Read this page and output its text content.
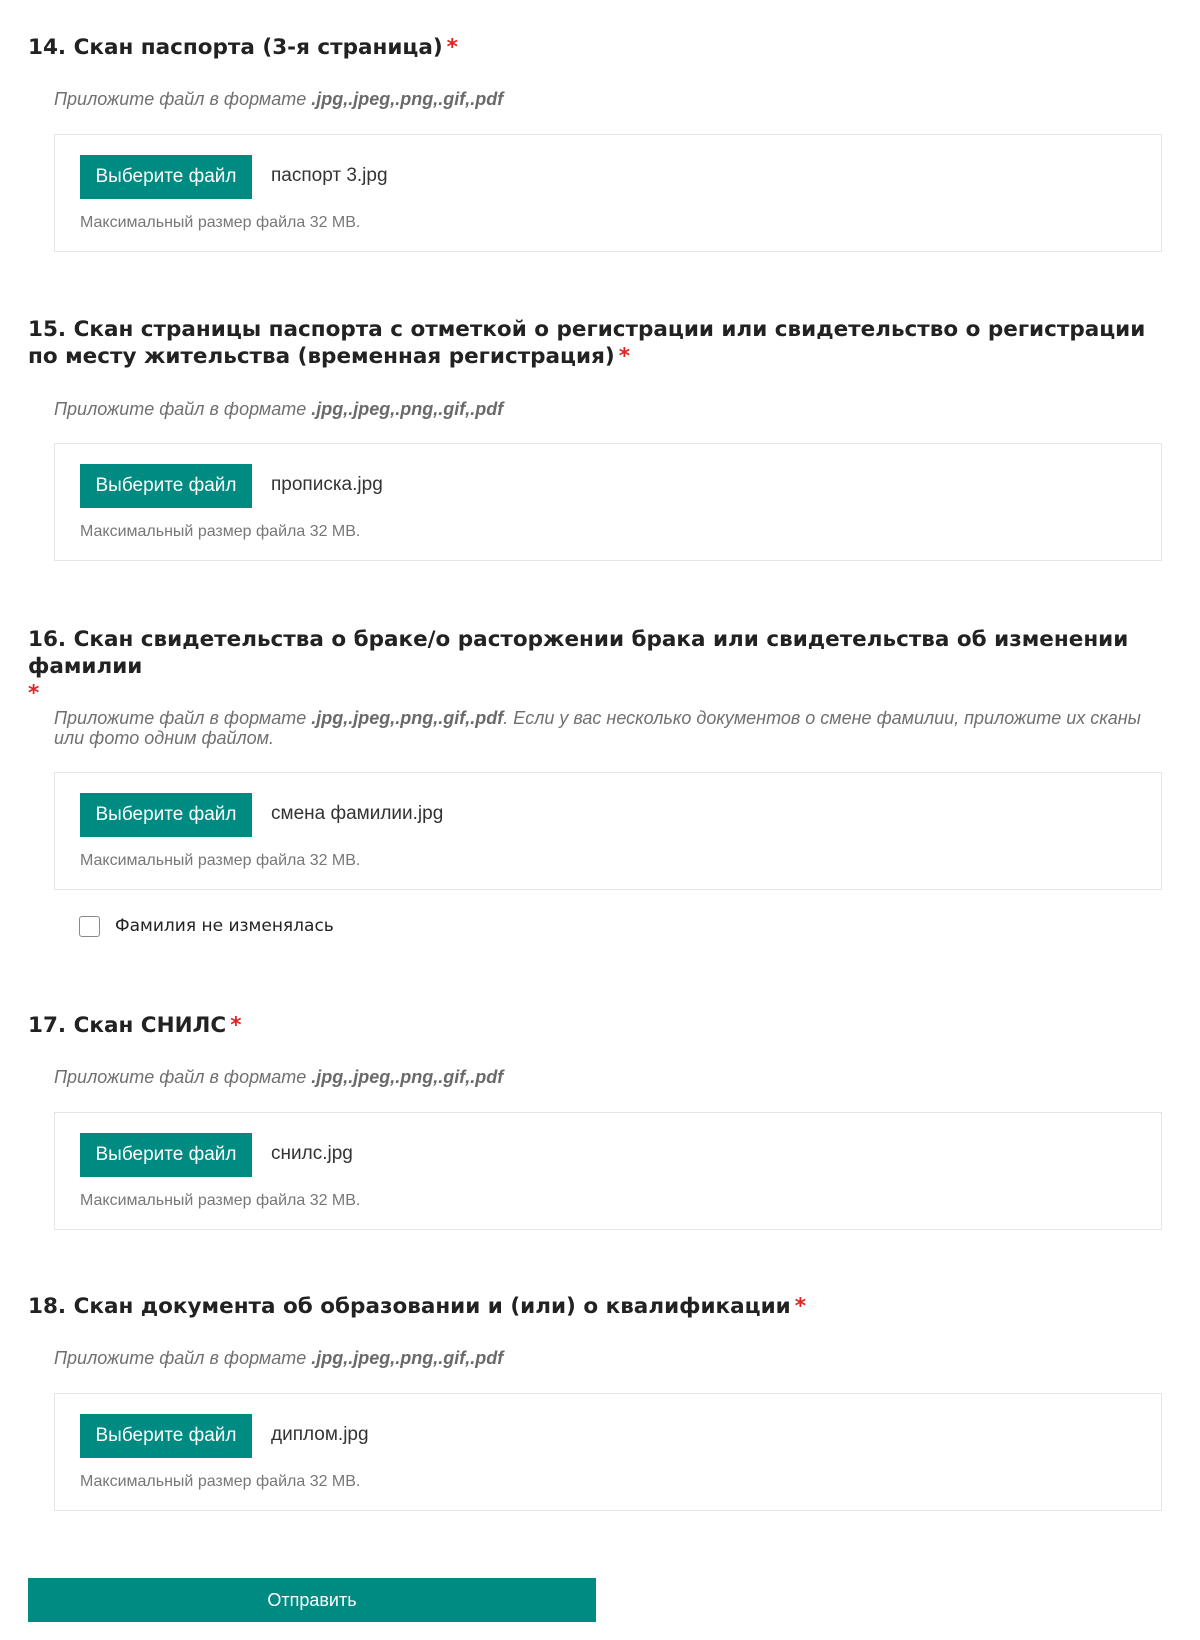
14. Скан паспорта (3-я страница) *
Приложите файл в формате .jpg,.jpeg,.png,.gif,.pdf
Выберите файл	паспорт 3.jpg
Максимальный размер файла 32 MB.
15. Скан страницы паспорта с отметкой о регистрации или свидетельство о регистрации по месту жительства (временная регистрация) *
Приложите файл в формате .jpg,.jpeg,.png,.gif,.pdf
Выберите файл	прописка.jpg
Максимальный размер файла 32 MB.
16. Скан свидетельства о браке/о расторжении брака или свидетельства об изменении фамилии
*
Приложите файл в формате .jpg,.jpeg,.png,.gif,.pdf. Если у вас несколько документов о смене фамилии, приложите их сканы или фото одним файлом.
Выберите файл	смена фамилии.jpg
Максимальный размер файла 32 MB.
Фамилия не изменялась
17. Скан СНИЛС *
Приложите файл в формате .jpg,.jpeg,.png,.gif,.pdf
Выберите файл	снилс.jpg
Максимальный размер файла 32 MB.
18. Скан документа об образовании и (или) о квалификации *
Приложите файл в формате .jpg,.jpeg,.png,.gif,.pdf
Выберите файл	диплом.jpg
Максимальный размер файла 32 MB.
Отправить
